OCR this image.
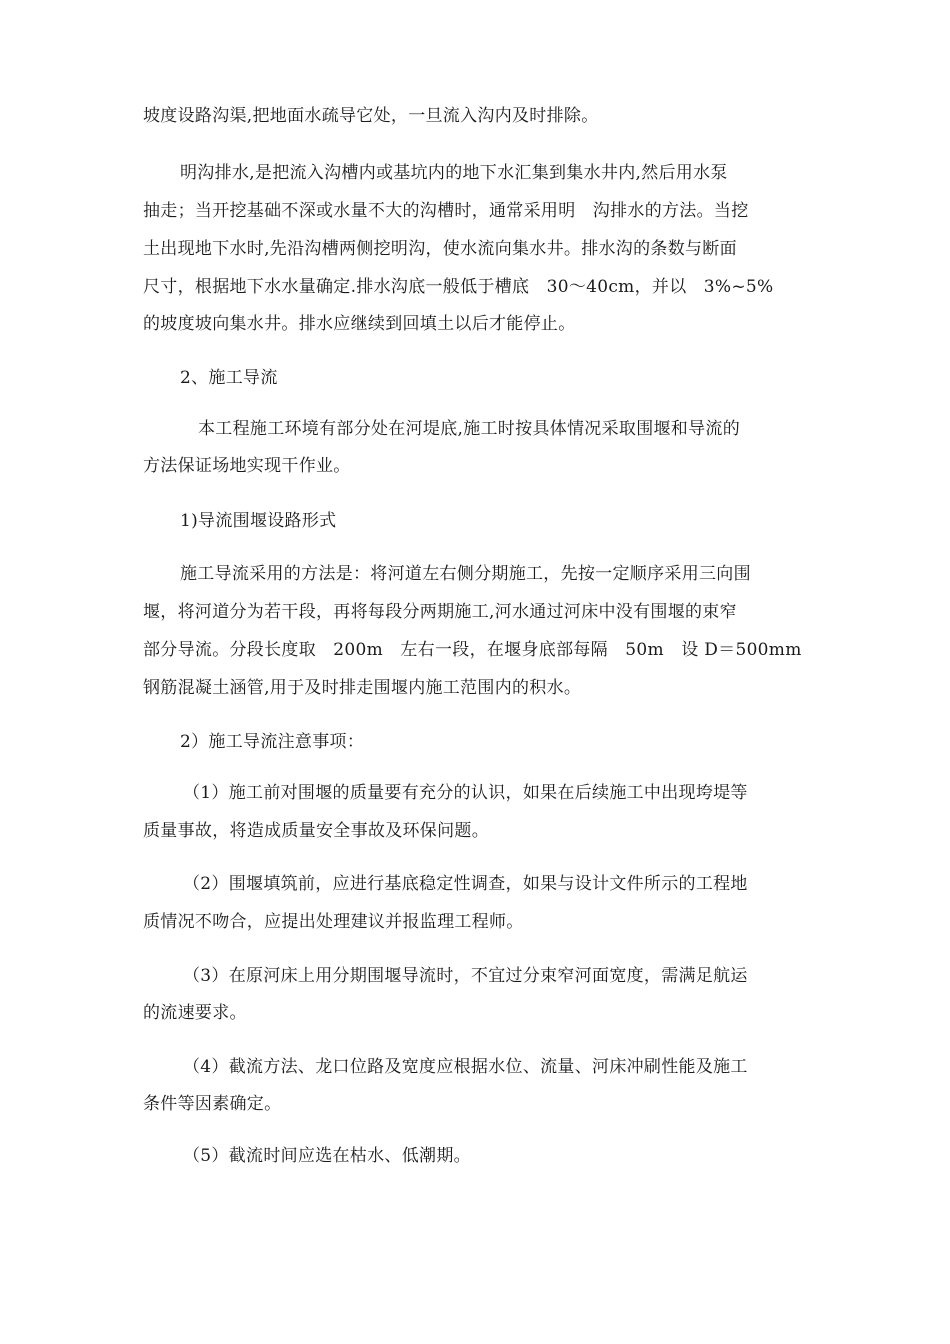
坡度设路沟渠,把地面水疏导它处，一旦流入沟内及时排除。
明沟排水,是把流入沟槽内或基坑内的地下水汇集到集水井内,然后用水泵
抽走；当开挖基础不深或水量不大的沟槽时，通常采用明　沟排水的方法。当挖
土出现地下水时,先沿沟槽两侧挖明沟，使水流向集水井。排水沟的条数与断面
尺寸，根据地下水水量确定.排水沟底一般低于槽底　30～40cm，并以　3%~5%
的坡度坡向集水井。排水应继续到回填土以后才能停止。
2、施工导流
本工程施工环境有部分处在河堤底,施工时按具体情况采取围堰和导流的
方法保证场地实现干作业。
1)导流围堰设路形式
施工导流采用的方法是：将河道左右侧分期施工，先按一定顺序采用三向围
堰，将河道分为若干段，再将每段分两期施工,河水通过河床中没有围堰的束窄
部分导流。分段长度取　200m　左右一段，在堰身底部每隔　50m　设 D＝500mm
钢筋混凝土涵管,用于及时排走围堰内施工范围内的积水。
2）施工导流注意事项：
（1）施工前对围堰的质量要有充分的认识，如果在后续施工中出现垮堤等
质量事故，将造成质量安全事故及环保问题。
（2）围堰填筑前，应进行基底稳定性调查，如果与设计文件所示的工程地
质情况不吻合，应提出处理建议并报监理工程师。
（3）在原河床上用分期围堰导流时，不宜过分束窄河面宽度，需满足航运
的流速要求。
（4）截流方法、龙口位路及宽度应根据水位、流量、河床冲刷性能及施工
条件等因素确定。
（5）截流时间应选在枯水、低潮期。
